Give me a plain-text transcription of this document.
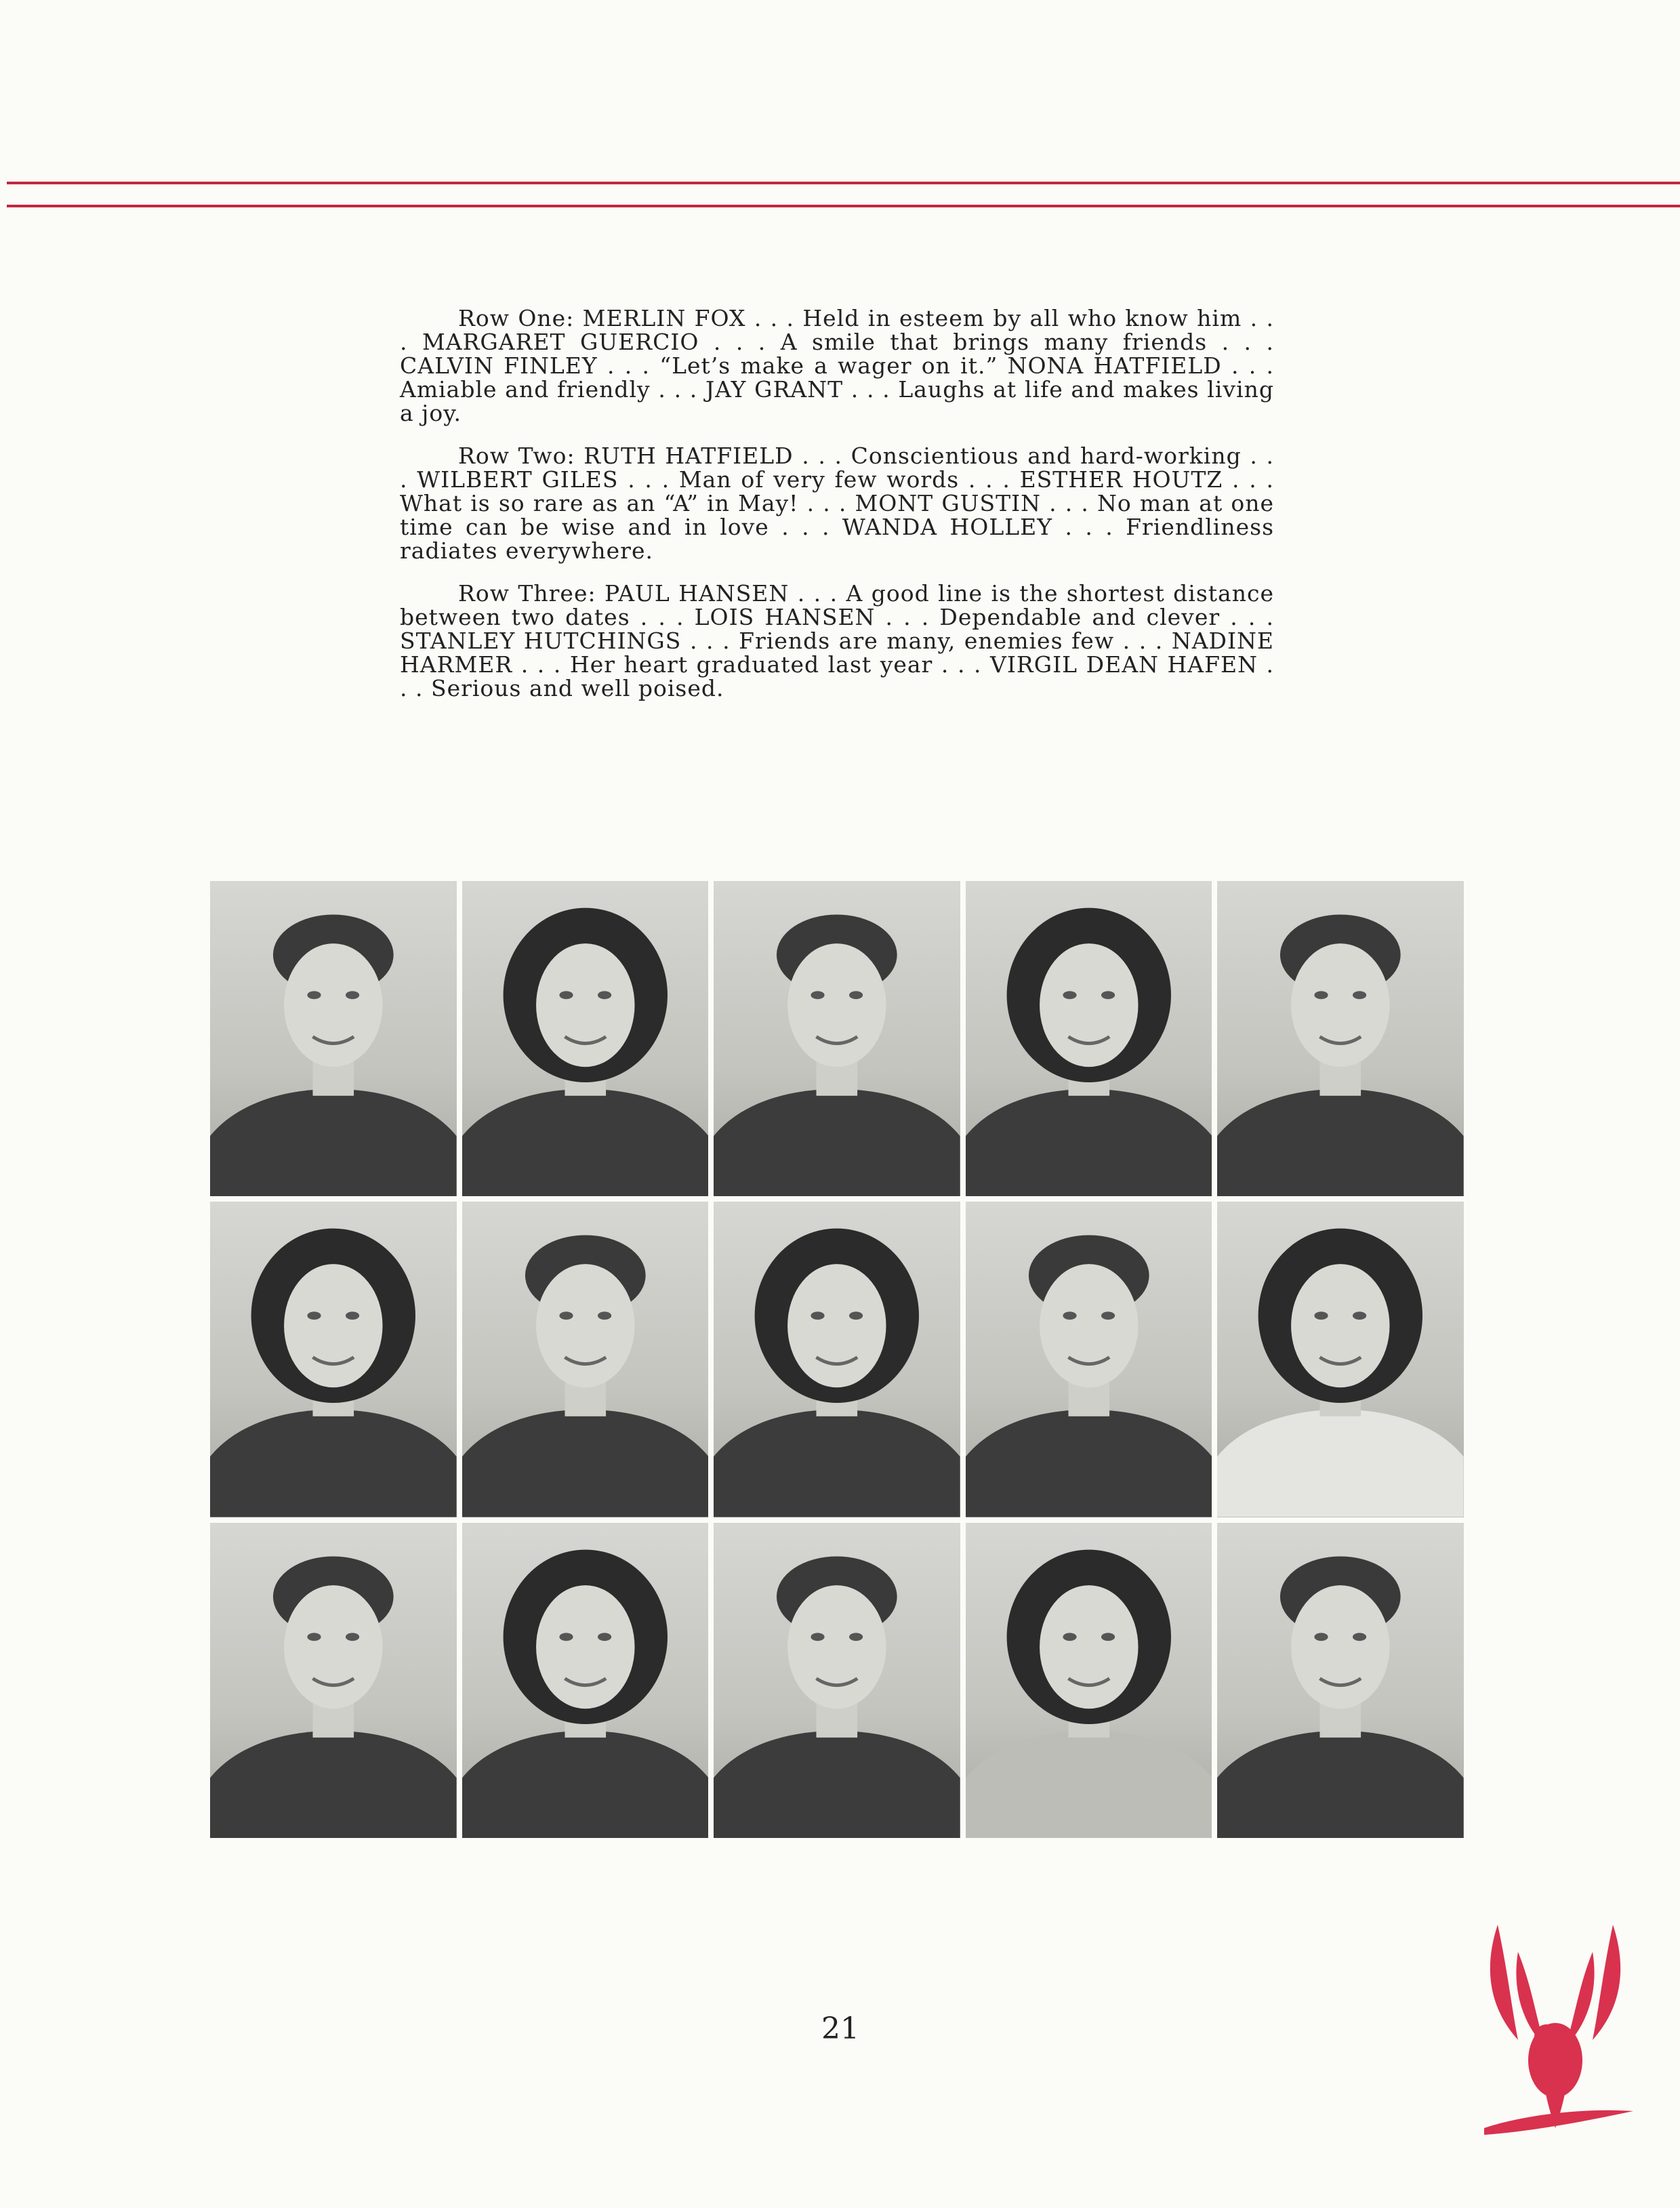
Row One: MERLIN FOX . . . Held in esteem by all who know him . . . MARGARET GUERCIO . . . A smile that brings many friends . . . CALVIN FINLEY . . . “Let’s make a wager on it.” NONA HATFIELD . . . Amiable and friendly . . . JAY GRANT . . . Laughs at life and makes living a joy.

Row Two: RUTH HATFIELD . . . Conscientious and hard-working . . . WILBERT GILES . . . Man of very few words . . . ESTHER HOUTZ . . . What is so rare as an “A” in May! . . . MONT GUSTIN . . . No man at one time can be wise and in love . . . WANDA HOLLEY . . . Friendliness radiates everywhere.

Row Three: PAUL HANSEN . . . A good line is the shortest distance between two dates . . . LOIS HANSEN . . . Dependable and clever . . . STANLEY HUTCHINGS . . . Friends are many, enemies few . . . NADINE HARMER . . . Her heart graduated last year . . . VIRGIL DEAN HAFEN . . . Serious and well poised.

21
